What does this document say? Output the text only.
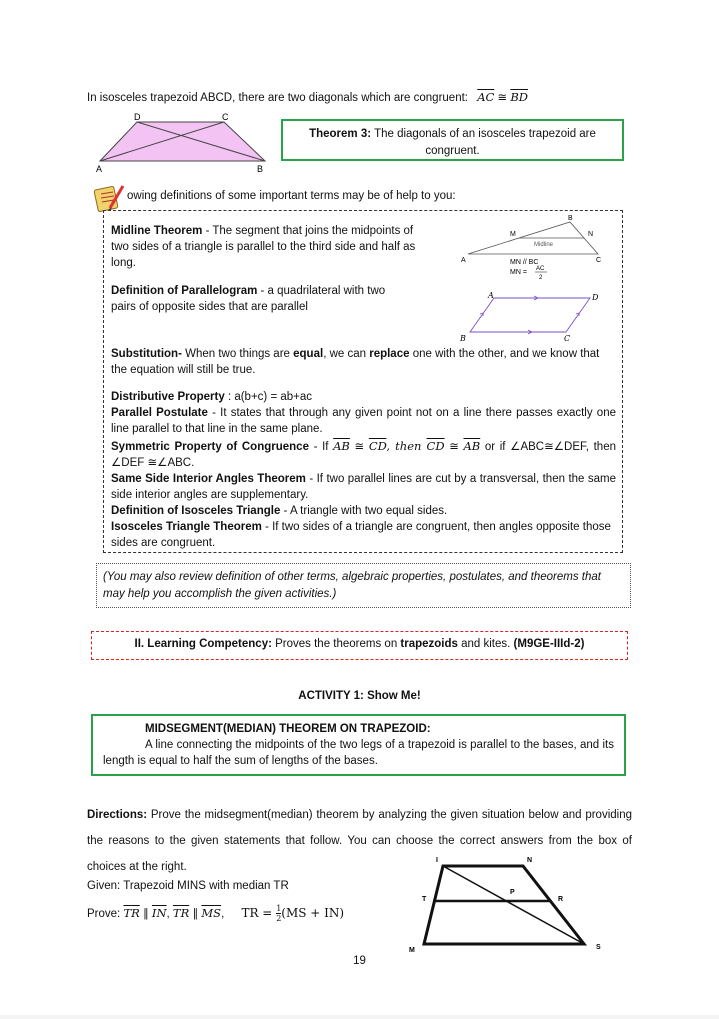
In isosceles trapezoid ABCD, there are two diagonals which are congruent: $\overline{AC}$ ≅ $\overline{BD}$
D	C
A	B
Theorem 3: The diagonals of an isosceles trapezoid are congruent.
owing definitions of some important terms may be of help to you:
Midline Theorem - The segment that joins the midpoints of two sides of a triangle is parallel to the third side and half as long.	A
B
C
M	N
Midline
MN // BC
MN = AC
2
Definition of Parallelogram - a quadrilateral with two pairs of opposite sides that are parallel
A	D
B	C
Substitution- When two things are equal, we can replace one with the other, and we know that the equation will still be true.
Distributive Property : a(b+c) = ab+ac
Parallel Postulate - It states that through any given point not on a line there passes exactly one line parallel to that line in the same plane.
Symmetric Property of Congruence - If $\overline{AB}$ ≅ $\overline{CD}$, then $\overline{CD}$ ≅ $\overline{AB}$ or if ∠ABC≅∠DEF, then ∠DEF ≅∠ABC.
Same Side Interior Angles Theorem - If two parallel lines are cut by a transversal, then the same side interior angles are supplementary.
Definition of Isosceles Triangle - A triangle with two equal sides.
Isosceles Triangle Theorem - If two sides of a triangle are congruent, then angles opposite those sides are congruent.
(You may also review definition of other terms, algebraic properties, postulates, and theorems that may help you accomplish the given activities.)
II. Learning Competency: Proves the theorems on trapezoids and kites. (M9GE-IIId-2)
ACTIVITY 1: Show Me!
MIDSEGMENT(MEDIAN) THEOREM ON TRAPEZOID:
A line connecting the midpoints of the two legs of a trapezoid is parallel to the bases, and its length is equal to half the sum of lengths of the bases.
Directions: Prove the midsegment(median) theorem by analyzing the given situation below and providing the reasons to the given statements that follow. You can choose the correct answers from the box of choices at the right.
Given: Trapezoid MINS with median TR
Prove: $\overline{TR}$ ∥ $\overline{IN}$, $\overline{TR}$ ∥ $\overline{MS}$, TR = $\frac{1}{2} (MS + IN)$
I	N
T	R
P
M	S
19
